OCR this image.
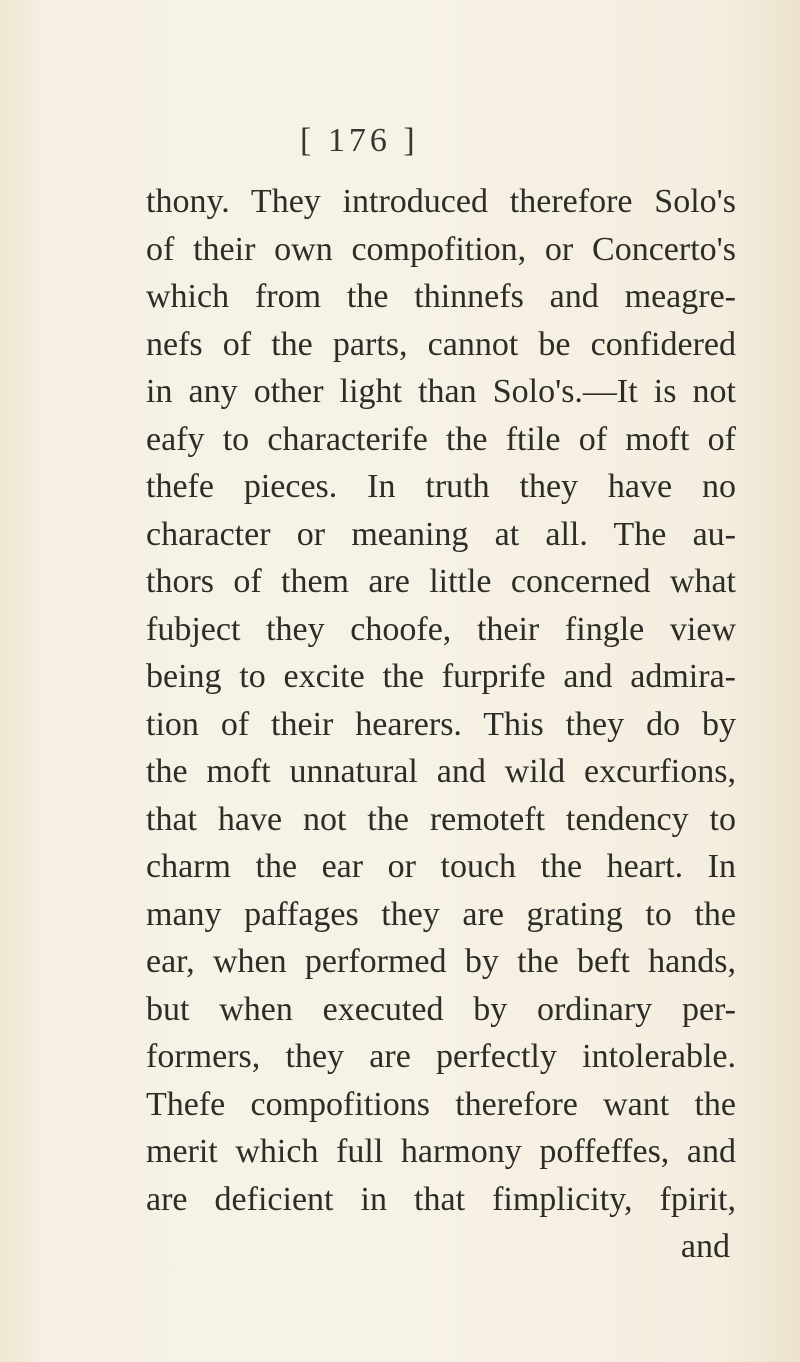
[ 176 ]
thony. They introduced therefore Solo's
of their own compofition, or Concerto's
which from the thinnefs and meagre-
nefs of the parts, cannot be confidered
in any other light than Solo's.—It is not
eafy to characterife the ftile of moft of
thefe pieces. In truth they have no
character or meaning at all. The au-
thors of them are little concerned what
fubject they choofe, their fingle view
being to excite the furprife and admira-
tion of their hearers. This they do by
the moft unnatural and wild excurfions,
that have not the remoteft tendency to
charm the ear or touch the heart. In
many paffages they are grating to the
ear, when performed by the beft hands,
but when executed by ordinary per-
formers, they are perfectly intolerable.
Thefe compofitions therefore want the
merit which full harmony poffeffes, and
are deficient in that fimplicity, fpirit,
and
